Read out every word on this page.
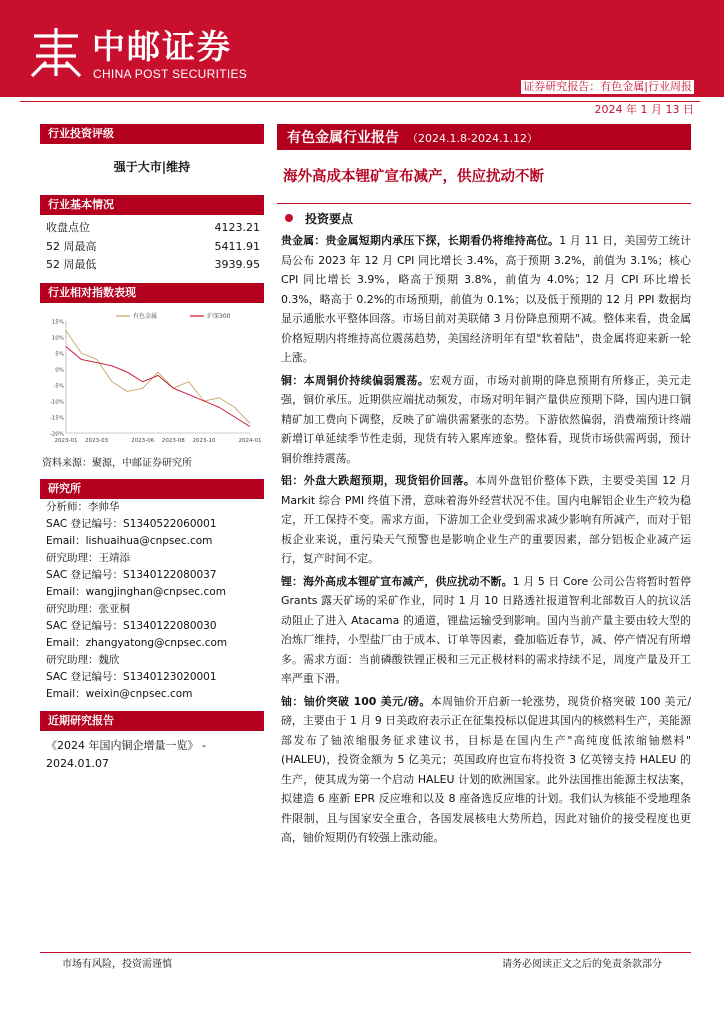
中邮证券
CHINA POST SECURITIES
证券研究报告：有色金属|行业周报
2024 年 1 月 13 日
行业投资评级
强于大市|维持
行业基本情况
收盘点位	4123.21
52 周最高	5411.91
52 周最低	3939.95
行业相对指数表现
15%
10%
5%
0%
-5%
-10%
-15%
-20%
2023-01 2023-03	2023-06 2023-08 2023-10	2024-01
有色金属	沪深300
资料来源：聚源，中邮证券研究所
研究所
分析师：李帅华
SAC 登记编号：S1340522060001
Email：lishuaihua@cnpsec.com
研究助理：王靖添
SAC 登记编号：S1340122080037
Email：wangjinghan@cnpsec.com
研究助理：张亚桐
SAC 登记编号：S1340122080030
Email：zhangyatong@cnpsec.com
研究助理：魏欣
SAC 登记编号：S1340123020001
Email：weixin@cnpsec.com
近期研究报告
《2024 年国内铜企增量一览》 -
2024.01.07
有色金属行业报告 （2024.1.8-2024.1.12）
海外高成本锂矿宣布减产，供应扰动不断
投资要点
贵金属：贵金属短期内承压下探，长期看仍将维持高位。1 月 11 日，美国劳工统计局公布 2023 年 12 月 CPI 同比增长 3.4%，高于预期 3.2%，前值为 3.1%；核心 CPI 同比增长 3.9%，略高于预期 3.8%，前值为 4.0%；12 月 CPI 环比增长 0.3%，略高于 0.2%的市场预期，前值为 0.1%；以及低于预期的 12 月 PPI 数据均显示通胀水平整体回落。市场目前对美联储 3 月份降息预期不减。整体来看，贵金属价格短期内将维持高位震荡趋势，美国经济明年有望"软着陆"，贵金属将迎来新一轮上涨。
铜：本周铜价持续偏弱震荡。宏观方面，市场对前期的降息预期有所修正，美元走强，铜价承压。近期供应端扰动频发，市场对明年铜产量供应预期下降，国内进口铜精矿加工费向下调整，反映了矿端供需紧张的态势。下游依然偏弱，消费端预计终端新增订单延续季节性走弱，现货有转入累库迹象。整体看，现货市场供需两弱，预计铜价维持震荡。
铝：外盘大跌超预期，现货铝价回落。本周外盘铝价整体下跌，主要受美国 12 月 Markit 综合 PMI 终值下滑，意味着海外经营状况不佳。国内电解铝企业生产较为稳定，开工保持不变。需求方面，下游加工企业受到需求减少影响有所减产，而对于铝板企业来说，重污染天气预警也是影响企业生产的重要因素，部分铝板企业减产运行，复产时间不定。
锂：海外高成本锂矿宣布减产，供应扰动不断。1 月 5 日 Core 公司公告将暂时暂停 Grants 露天矿场的采矿作业，同时 1 月 10 日路透社报道智利北部数百人的抗议活动阻止了进入 Atacama 的通道，锂盐运输受到影响。国内当前产量主要由较大型的冶炼厂维持，小型盐厂由于成本、订单等因素，叠加临近春节，减、停产情况有所增多。需求方面：当前磷酸铁锂正极和三元正极材料的需求持续不足，周度产量及开工率严重下滑。
铀：铀价突破 100 美元/磅。本周铀价开启新一轮涨势，现货价格突破 100 美元/磅，主要由于 1 月 9 日美政府表示正在征集投标以促进其国内的核燃料生产，美能源部发布了铀浓缩服务征求建议书，目标是在国内生产"高纯度低浓缩铀燃料"(HALEU)，投资金额为 5 亿美元；英国政府也宣布将投资 3 亿英镑支持 HALEU 的生产，使其成为第一个启动 HALEU 计划的欧洲国家。此外法国推出能源主权法案，拟建造 6 座新 EPR 反应堆和以及 8 座备选反应堆的计划。我们认为核能不受地理条件限制，且与国家安全重合，各国发展核电大势所趋，因此对铀价的接受程度也更高，铀价短期仍有较强上涨动能。
市场有风险，投资需谨慎	请务必阅读正文之后的免责条款部分
